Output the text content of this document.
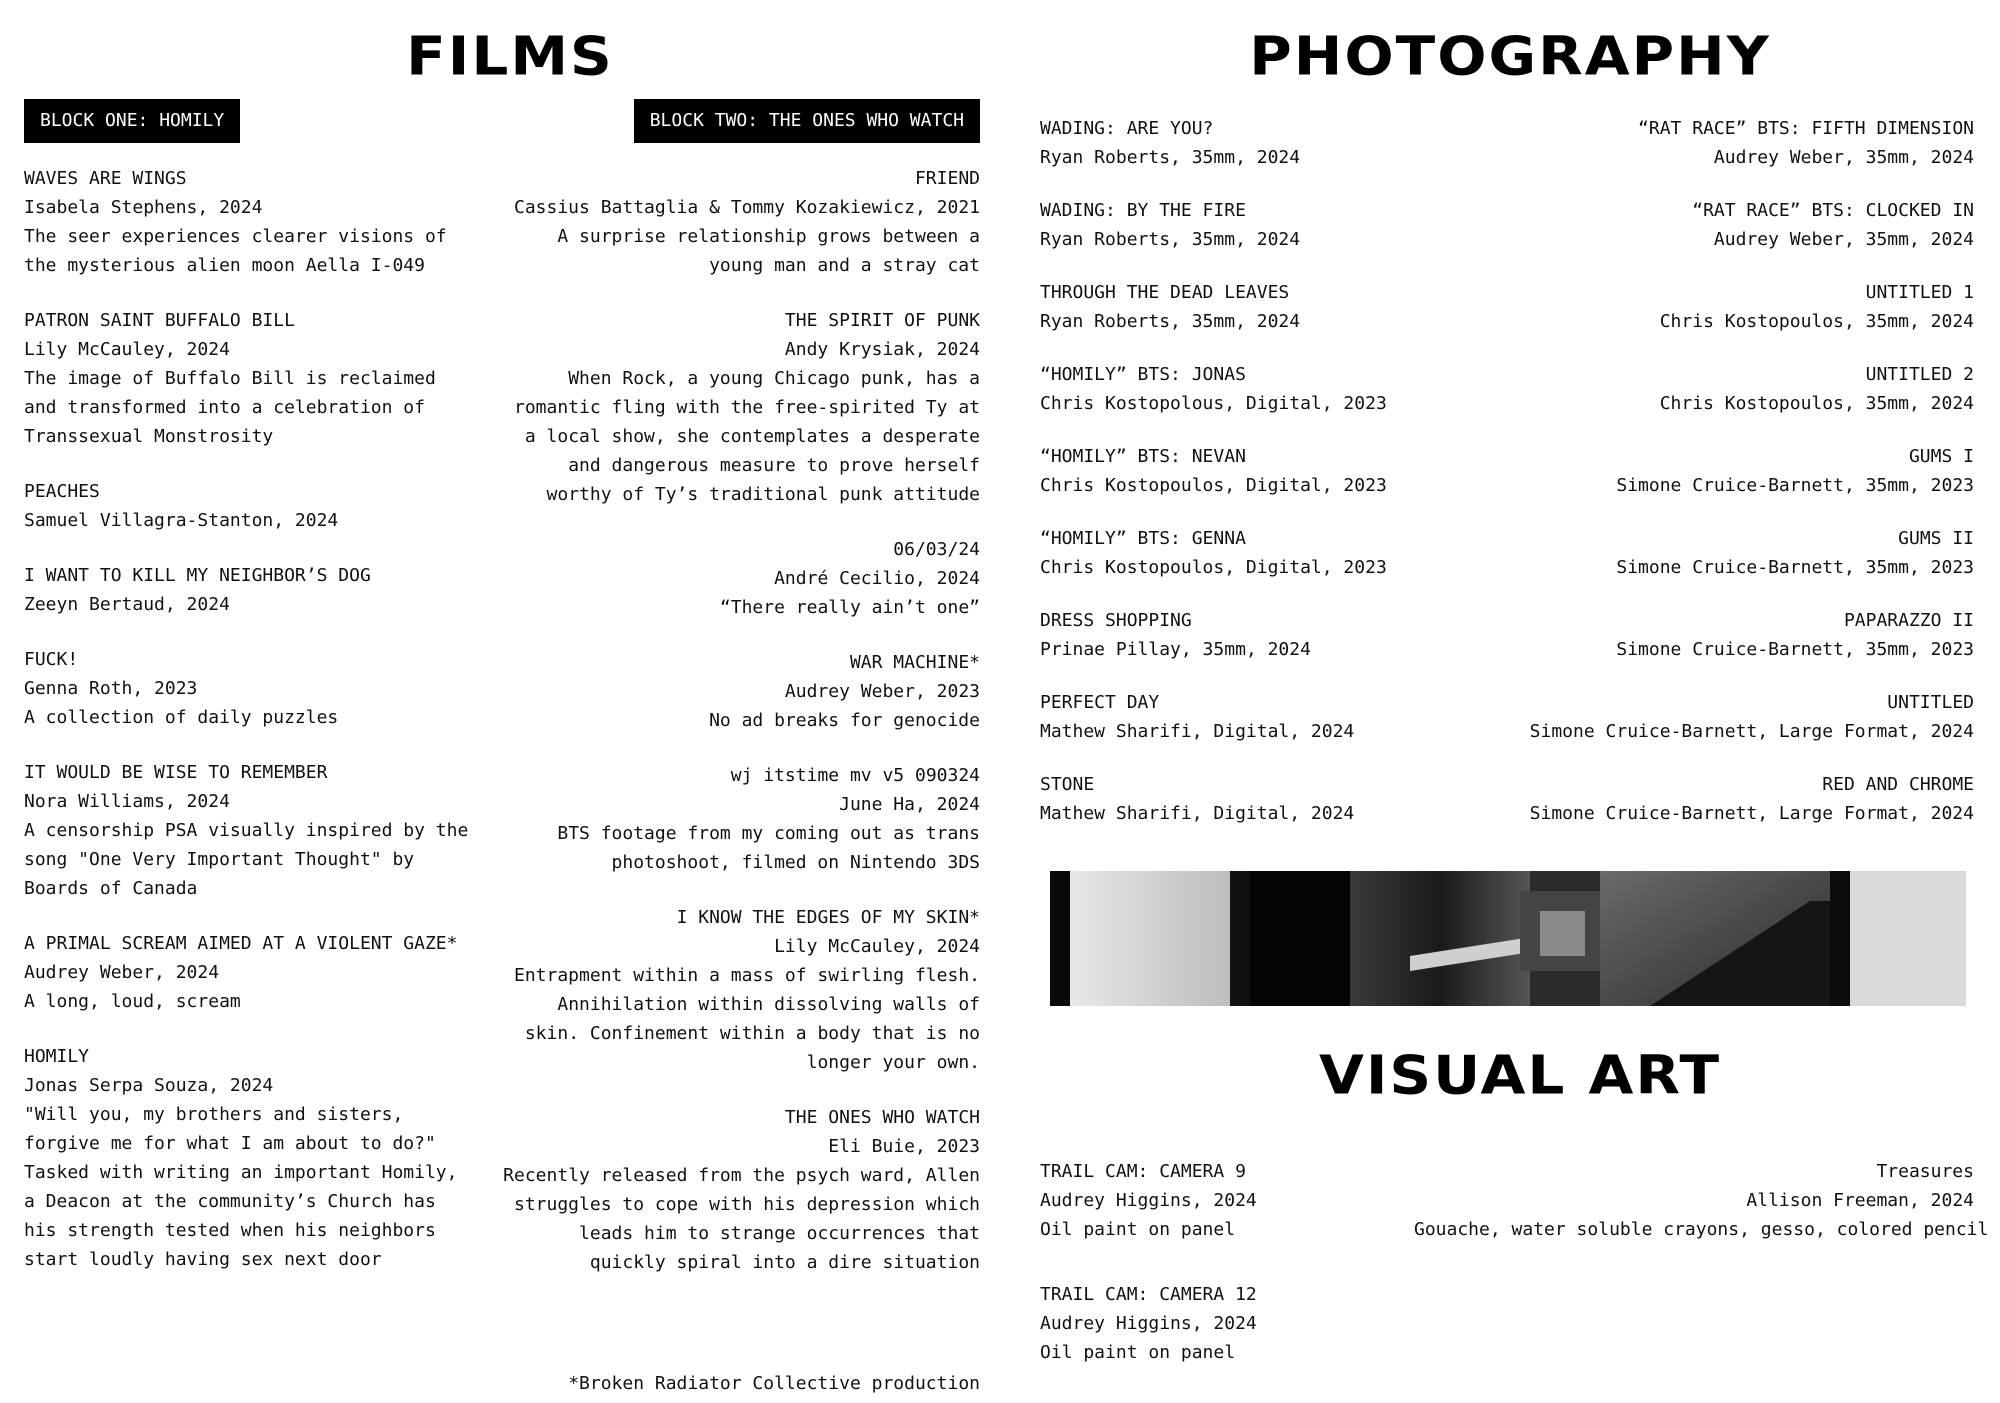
FILMS
BLOCK ONE: HOMILY	BLOCK TWO: THE ONES WHO WATCH
WAVES ARE WINGS
Isabela Stephens, 2024
The seer experiences clearer visions of the mysterious alien moon Aella I-049
PATRON SAINT BUFFALO BILL
Lily McCauley, 2024
The image of Buffalo Bill is reclaimed and transformed into a celebration of Transsexual Monstrosity
PEACHES
Samuel Villagra-Stanton, 2024
I WANT TO KILL MY NEIGHBOR’S DOG
Zeeyn Bertaud, 2024
FUCK!
Genna Roth, 2023
A collection of daily puzzles
IT WOULD BE WISE TO REMEMBER
Nora Williams, 2024
A censorship PSA visually inspired by the song "One Very Important Thought" by Boards of Canada
A PRIMAL SCREAM AIMED AT A VIOLENT GAZE*
Audrey Weber, 2024
A long, loud, scream
HOMILY
Jonas Serpa Souza, 2024
"Will you, my brothers and sisters, forgive me for what I am about to do?"
Tasked with writing an important Homily, a Deacon at the community’s Church has his strength tested when his neighbors start loudly having sex next door
FRIEND
Cassius Battaglia & Tommy Kozakiewicz, 2021
A surprise relationship grows between a young man and a stray cat
THE SPIRIT OF PUNK
Andy Krysiak, 2024
When Rock, a young Chicago punk, has a romantic fling with the free-spirited Ty at a local show, she contemplates a desperate and dangerous measure to prove herself worthy of Ty’s traditional punk attitude
06/03/24
André Cecilio, 2024
“There really ain’t one”
WAR MACHINE*
Audrey Weber, 2023
No ad breaks for genocide
wj itstime mv v5 090324
June Ha, 2024
BTS footage from my coming out as trans photoshoot, filmed on Nintendo 3DS
I KNOW THE EDGES OF MY SKIN*
Lily McCauley, 2024
Entrapment within a mass of swirling flesh. Annihilation within dissolving walls of skin. Confinement within a body that is no longer your own.
THE ONES WHO WATCH
Eli Buie, 2023
Recently released from the psych ward, Allen struggles to cope with his depression which leads him to strange occurrences that quickly spiral into a dire situation
*Broken Radiator Collective production
PHOTOGRAPHY
WADING: ARE YOU?
Ryan Roberts, 35mm, 2024
WADING: BY THE FIRE
Ryan Roberts, 35mm, 2024
THROUGH THE DEAD LEAVES
Ryan Roberts, 35mm, 2024
“HOMILY” BTS: JONAS
Chris Kostopolous, Digital, 2023
“HOMILY” BTS: NEVAN
Chris Kostopoulos, Digital, 2023
“HOMILY” BTS: GENNA
Chris Kostopoulos, Digital, 2023
DRESS SHOPPING
Prinae Pillay, 35mm, 2024
PERFECT DAY
Mathew Sharifi, Digital, 2024
STONE
Mathew Sharifi, Digital, 2024
“RAT RACE” BTS: FIFTH DIMENSION
Audrey Weber, 35mm, 2024
“RAT RACE” BTS: CLOCKED IN
Audrey Weber, 35mm, 2024
UNTITLED 1
Chris Kostopoulos, 35mm, 2024
UNTITLED 2
Chris Kostopoulos, 35mm, 2024
GUMS I
Simone Cruice-Barnett, 35mm, 2023
GUMS II
Simone Cruice-Barnett, 35mm, 2023
PAPARAZZO II
Simone Cruice-Barnett, 35mm, 2023
UNTITLED
Simone Cruice-Barnett, Large Format, 2024
RED AND CHROME
Simone Cruice-Barnett, Large Format, 2024
VISUAL ART
TRAIL CAM: CAMERA 9
Audrey Higgins, 2024
Oil paint on panel
TRAIL CAM: CAMERA 12
Audrey Higgins, 2024
Oil paint on panel
Treasures
Allison Freeman, 2024
Gouache, water soluble crayons, gesso, colored pencil
